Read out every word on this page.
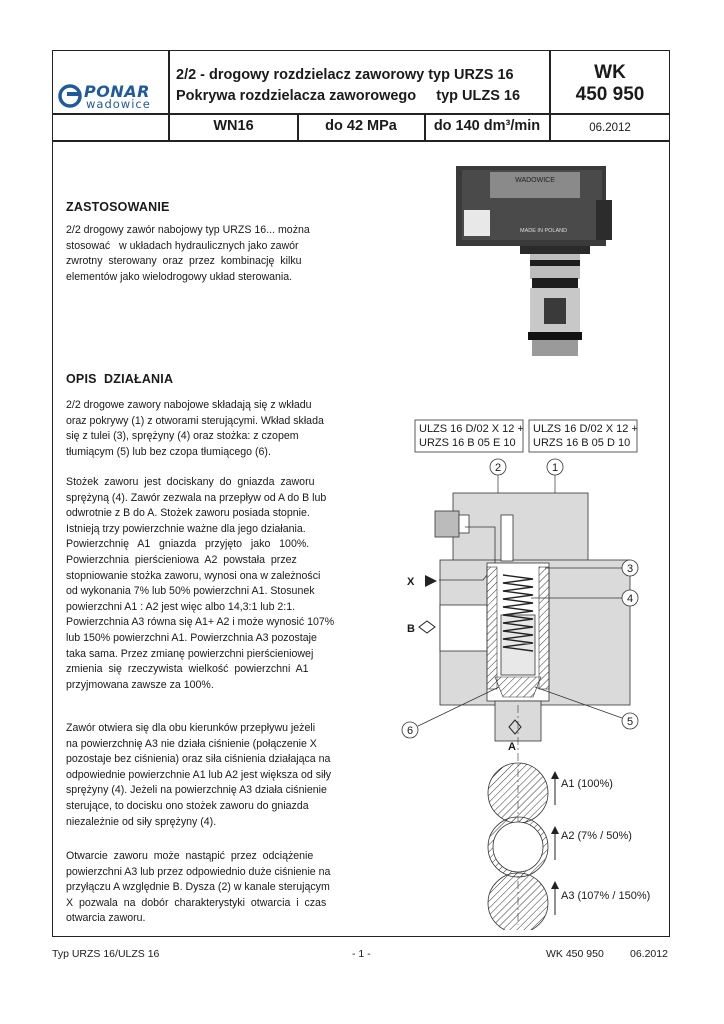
PONAR
wadowice
2/2 - drogowy rozdzielacz zaworowy typ URZS 16
Pokrywa rozdzielacza zaworowego     typ ULZS 16
WK
450 950
WN16	do 42 MPa	do 140 dm³/min	06.2012
ZASTOSOWANIE
2/2 drogowy zawór nabojowy typ URZS 16... można
stosować   w układach hydraulicznych jako zawór
zwrotny  sterowany  oraz  przez  kombinację  kilku
elementów jako wielodrogowy układ sterowania.
OPIS  DZIAŁANIA
2/2 drogowe zawory nabojowe składają się z wkładu
oraz pokrywy (1) z otworami sterującymi. Wkład składa
się z tulei (3), sprężyny (4) oraz stożka: z czopem
tłumiącym (5) lub bez czopa tłumiącego (6).
Stożek  zaworu  jest  dociskany  do  gniazda  zaworu
sprężyną (4). Zawór zezwala na przepływ od A do B lub
odwrotnie z B do A. Stożek zaworu posiada stopnie.
Istnieją trzy powierzchnie ważne dla jego działania.
Powierzchnię   A1   gniazda   przyjęto   jako   100%.
Powierzchnia  pierścieniowa  A2  powstała  przez
stopniowanie stożka zaworu, wynosi ona w zależności
od wykonania 7% lub 50% powierzchni A1. Stosunek
powierzchni A1 : A2 jest więc albo 14,3:1 lub 2:1.
Powierzchnia A3 równa się A1+ A2 i może wynosić 107%
lub 150% powierzchni A1. Powierzchnia A3 pozostaje
taka sama. Przez zmianę powierzchni pierścieniowej
zmienia  się  rzeczywista  wielkość  powierzchni  A1
przyjmowana zawsze za 100%.
Zawór otwiera się dla obu kierunków przepływu jeżeli
na powierzchnię A3 nie działa ciśnienie (połączenie X
pozostaje bez ciśnienia) oraz siła ciśnienia działająca na
odpowiednie powierzchnie A1 lub A2 jest większa od siły
sprężyny (4). Jeżeli na powierzchnię A3 działa ciśnienie
sterujące, to docisku ono stożek zaworu do gniazda
niezależnie od siły sprężyny (4).
Otwarcie  zaworu  może  nastąpić  przez  odciążenie
powierzchni A3 lub przez odpowiednio duże ciśnienie na
przyłączu A względnie B. Dysza (2) w kanale sterującym
X  pozwala  na  dobór  charakterystyki  otwarcia  i  czas
otwarcia zaworu.
WADOWICE
MADE IN POLAND
ULZS 16 D/02 X 12 +
URZS 16 B 05 E 10
ULZS 16 D/02 X 12 +
URZS 16 B 05 D 10
2	1
X
B
3
4
6
5
A
A1 (100%)
A2 (7% / 50%)
A3 (107% / 150%)
Typ URZS 16/ULZS 16	- 1 -	WK 450 950 06.2012
